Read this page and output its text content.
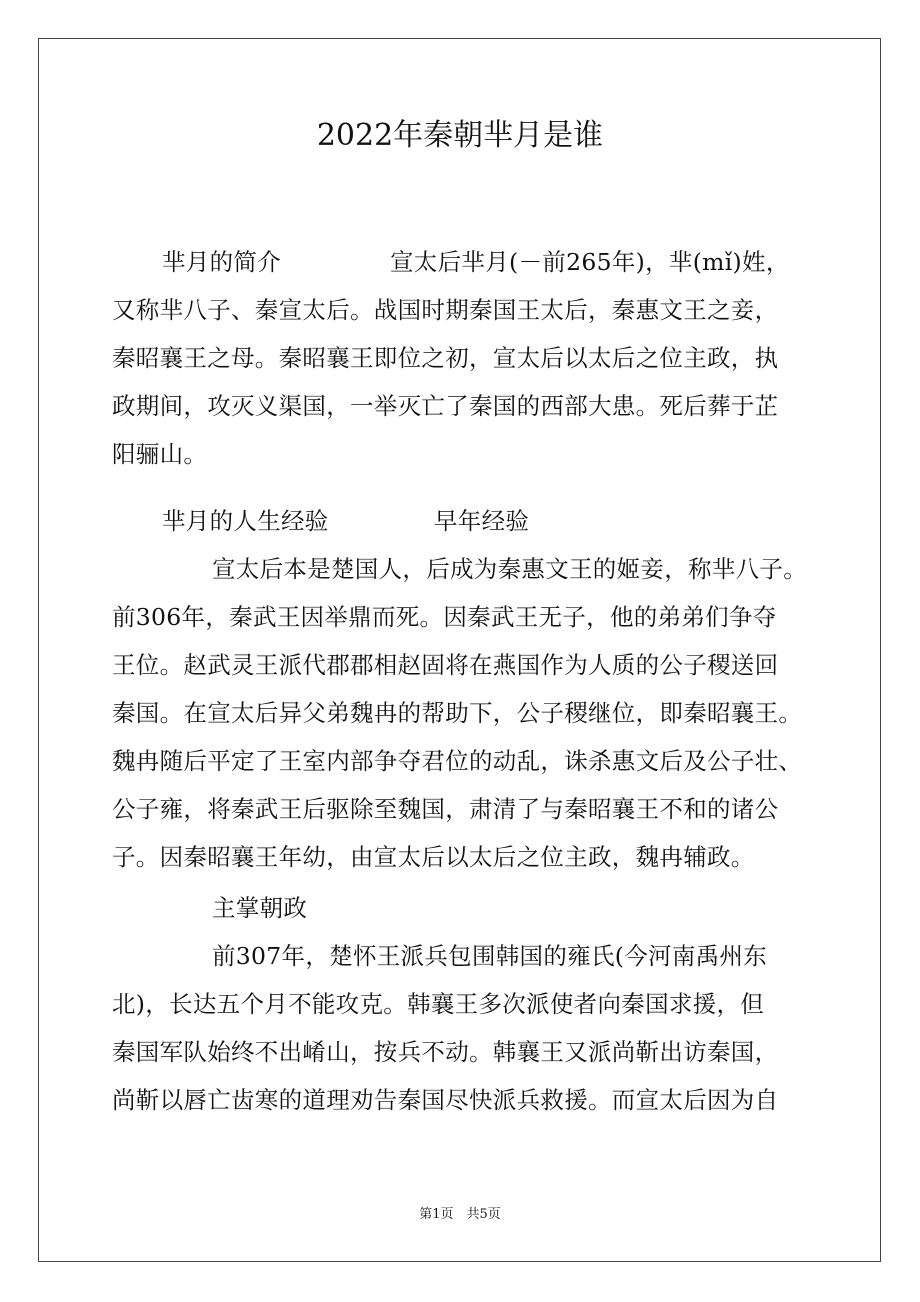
2022年秦朝芈月是谁
芈月的简介	宣太后芈月(－前265年)，芈(mǐ)姓，
又称芈八子、秦宣太后。战国时期秦国王太后，秦惠文王之妾，
秦昭襄王之母。秦昭襄王即位之初，宣太后以太后之位主政，执
政期间，攻灭义渠国，一举灭亡了秦国的西部大患。死后葬于芷
阳骊山。
芈月的人生经验	早年经验
宣太后本是楚国人，后成为秦惠文王的姬妾，称芈八子。
前306年，秦武王因举鼎而死。因秦武王无子，他的弟弟们争夺
王位。赵武灵王派代郡郡相赵固将在燕国作为人质的公子稷送回
秦国。在宣太后异父弟魏冉的帮助下，公子稷继位，即秦昭襄王。
魏冉随后平定了王室内部争夺君位的动乱，诛杀惠文后及公子壮、
公子雍，将秦武王后驱除至魏国，肃清了与秦昭襄王不和的诸公
子。因秦昭襄王年幼，由宣太后以太后之位主政，魏冉辅政。
主掌朝政
前307年，楚怀王派兵包围韩国的雍氏(今河南禹州东
北)，长达五个月不能攻克。韩襄王多次派使者向秦国求援，但
秦国军队始终不出崤山，按兵不动。韩襄王又派尚靳出访秦国，
尚靳以唇亡齿寒的道理劝告秦国尽快派兵救援。而宣太后因为自
第1页　共5页
